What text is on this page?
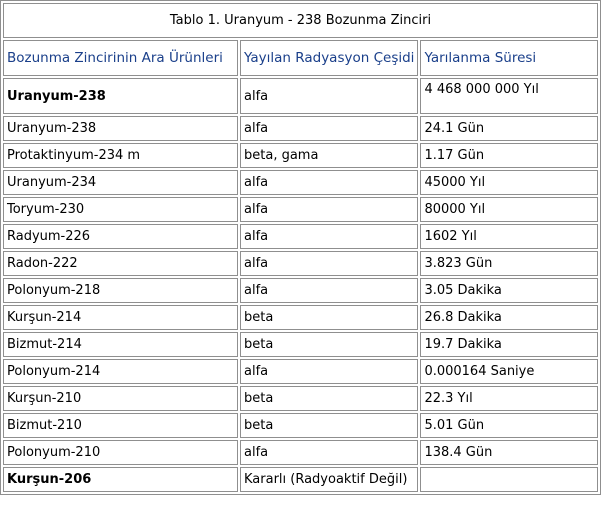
Tablo 1. Uranyum - 238 Bozunma Zinciri		
Bozunma Zincirinin Ara Ürünleri	Yayılan Radyasyon Çeşidi	Yarılanma Süresi
Uranyum-238	alfa	4 468 000 000 Yıl
Uranyum-238	alfa	24.1 Gün
Protaktinyum-234 m	beta, gama	1.17 Gün
Uranyum-234	alfa	45000 Yıl
Toryum-230	alfa	80000 Yıl
Radyum-226	alfa	1602 Yıl
Radon-222	alfa	3.823 Gün
Polonyum-218	alfa	3.05 Dakika
Kurşun-214	beta	26.8 Dakika
Bizmut-214	beta	19.7 Dakika
Polonyum-214	alfa	0.000164 Saniye
Kurşun-210	beta	22.3 Yıl
Bizmut-210	beta	5.01 Gün
Polonyum-210	alfa	138.4 Gün
Kurşun-206	Kararlı (Radyoaktif Değil)	
